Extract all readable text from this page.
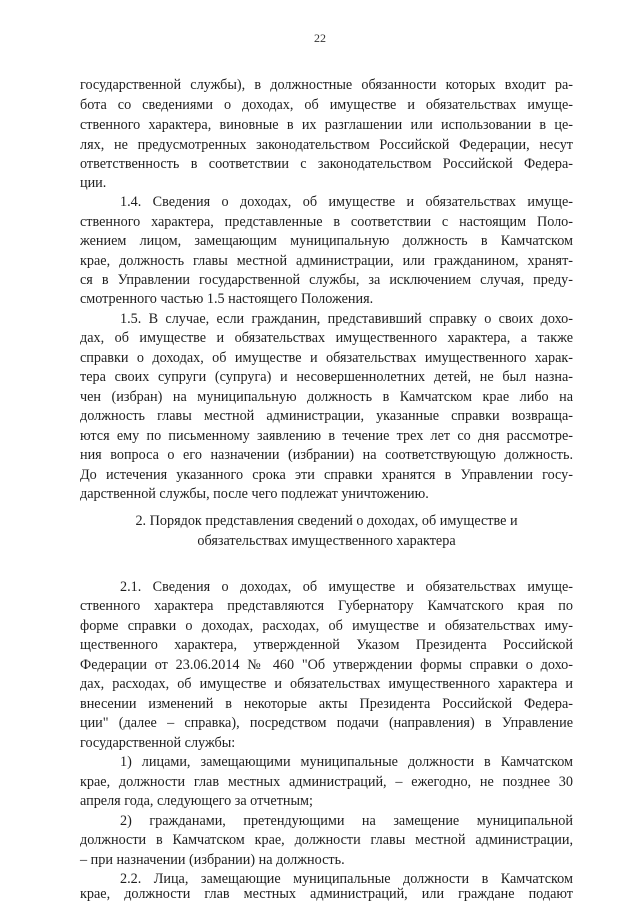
22
государственной службы), в должностные обязанности которых входит ра-
бота со сведениями о доходах, об имуществе и обязательствах имуще-
ственного характера, виновные в их разглашении или использовании в це-
лях, не предусмотренных законодательством Российской Федерации, несут
ответственность в соответствии с законодательством Российской Федера-
ции.
1.4. Сведения о доходах, об имуществе и обязательствах имуще-
ственного характера, представленные в соответствии с настоящим Поло-
жением лицом, замещающим муниципальную должность в Камчатском
крае, должность главы местной администрации, или гражданином, хранят-
ся в Управлении государственной службы, за исключением случая, преду-
смотренного частью 1.5 настоящего Положения.
1.5. В случае, если гражданин, представивший справку о своих дохо-
дах, об имуществе и обязательствах имущественного характера, а также
справки о доходах, об имуществе и обязательствах имущественного харак-
тера своих супруги (супруга) и несовершеннолетних детей, не был назна-
чен (избран) на муниципальную должность в Камчатском крае либо на
должность главы местной администрации, указанные справки возвраща-
ются ему по письменному заявлению в течение трех лет со дня рассмотре-
ния вопроса о его назначении (избрании) на соответствующую должность.
До истечения указанного срока эти справки хранятся в Управлении госу-
дарственной службы, после чего подлежат уничтожению.
2. Порядок представления сведений о доходах, об имуществе и
обязательствах имущественного характера
2.1. Сведения о доходах, об имуществе и обязательствах имуще-
ственного характера представляются Губернатору Камчатского края по
форме справки о доходах, расходах, об имуществе и обязательствах иму-
щественного характера, утвержденной Указом Президента Российской
Федерации от 23.06.2014 № 460 "Об утверждении формы справки о дохо-
дах, расходах, об имуществе и обязательствах имущественного характера и
внесении изменений в некоторые акты Президента Российской Федера-
ции" (далее – справка), посредством подачи (направления) в Управление
государственной службы:
1) лицами, замещающими муниципальные должности в Камчатском
крае, должности глав местных администраций, – ежегодно, не позднее 30
апреля года, следующего за отчетным;
2) гражданами, претендующими на замещение муниципальной
должности в Камчатском крае, должности главы местной администрации,
– при назначении (избрании) на должность.
2.2. Лица, замещающие муниципальные должности в Камчатском
крае, должности глав местных администраций, или граждане подают
